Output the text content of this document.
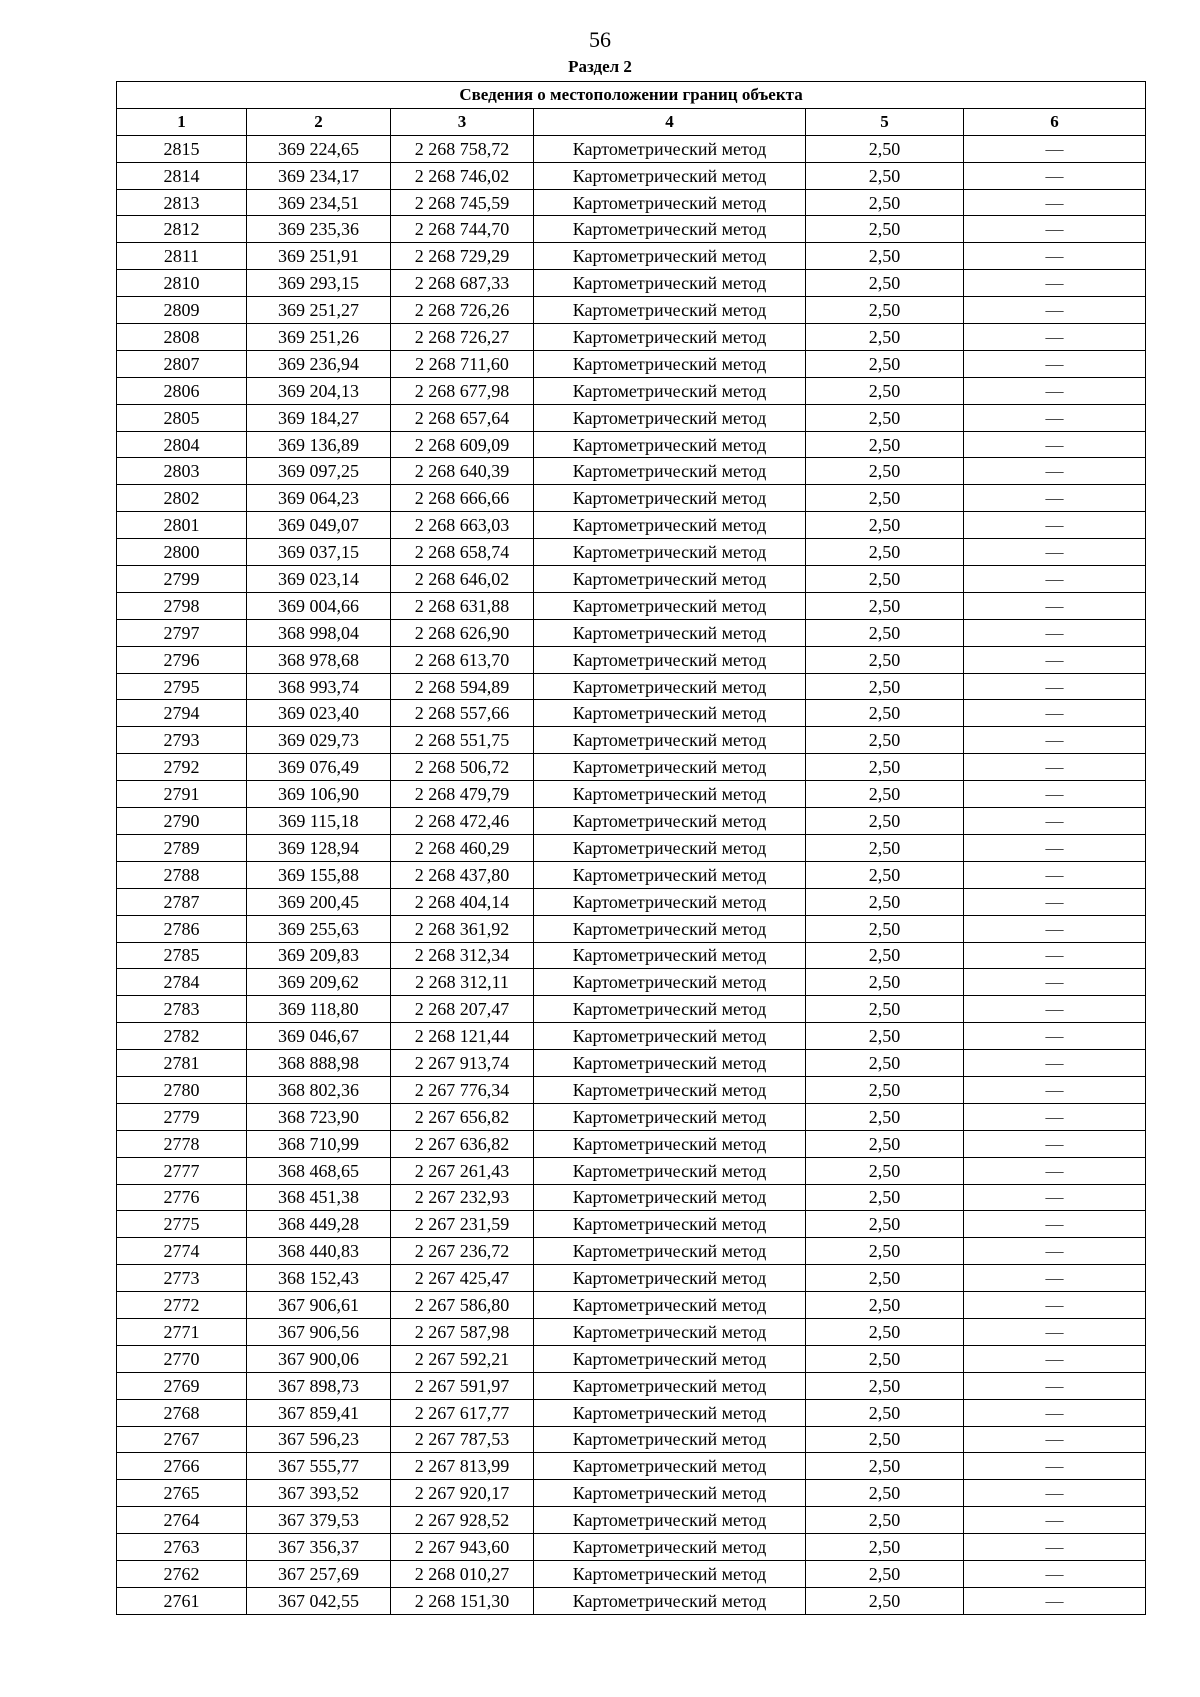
56
Раздел 2
Сведения о местоположении границ объекта					
1	2	3	4	5	6
2815	369 224,65	2 268 758,72	Картометрический метод	2,50	—
2814	369 234,17	2 268 746,02	Картометрический метод	2,50	—
2813	369 234,51	2 268 745,59	Картометрический метод	2,50	—
2812	369 235,36	2 268 744,70	Картометрический метод	2,50	—
2811	369 251,91	2 268 729,29	Картометрический метод	2,50	—
2810	369 293,15	2 268 687,33	Картометрический метод	2,50	—
2809	369 251,27	2 268 726,26	Картометрический метод	2,50	—
2808	369 251,26	2 268 726,27	Картометрический метод	2,50	—
2807	369 236,94	2 268 711,60	Картометрический метод	2,50	—
2806	369 204,13	2 268 677,98	Картометрический метод	2,50	—
2805	369 184,27	2 268 657,64	Картометрический метод	2,50	—
2804	369 136,89	2 268 609,09	Картометрический метод	2,50	—
2803	369 097,25	2 268 640,39	Картометрический метод	2,50	—
2802	369 064,23	2 268 666,66	Картометрический метод	2,50	—
2801	369 049,07	2 268 663,03	Картометрический метод	2,50	—
2800	369 037,15	2 268 658,74	Картометрический метод	2,50	—
2799	369 023,14	2 268 646,02	Картометрический метод	2,50	—
2798	369 004,66	2 268 631,88	Картометрический метод	2,50	—
2797	368 998,04	2 268 626,90	Картометрический метод	2,50	—
2796	368 978,68	2 268 613,70	Картометрический метод	2,50	—
2795	368 993,74	2 268 594,89	Картометрический метод	2,50	—
2794	369 023,40	2 268 557,66	Картометрический метод	2,50	—
2793	369 029,73	2 268 551,75	Картометрический метод	2,50	—
2792	369 076,49	2 268 506,72	Картометрический метод	2,50	—
2791	369 106,90	2 268 479,79	Картометрический метод	2,50	—
2790	369 115,18	2 268 472,46	Картометрический метод	2,50	—
2789	369 128,94	2 268 460,29	Картометрический метод	2,50	—
2788	369 155,88	2 268 437,80	Картометрический метод	2,50	—
2787	369 200,45	2 268 404,14	Картометрический метод	2,50	—
2786	369 255,63	2 268 361,92	Картометрический метод	2,50	—
2785	369 209,83	2 268 312,34	Картометрический метод	2,50	—
2784	369 209,62	2 268 312,11	Картометрический метод	2,50	—
2783	369 118,80	2 268 207,47	Картометрический метод	2,50	—
2782	369 046,67	2 268 121,44	Картометрический метод	2,50	—
2781	368 888,98	2 267 913,74	Картометрический метод	2,50	—
2780	368 802,36	2 267 776,34	Картометрический метод	2,50	—
2779	368 723,90	2 267 656,82	Картометрический метод	2,50	—
2778	368 710,99	2 267 636,82	Картометрический метод	2,50	—
2777	368 468,65	2 267 261,43	Картометрический метод	2,50	—
2776	368 451,38	2 267 232,93	Картометрический метод	2,50	—
2775	368 449,28	2 267 231,59	Картометрический метод	2,50	—
2774	368 440,83	2 267 236,72	Картометрический метод	2,50	—
2773	368 152,43	2 267 425,47	Картометрический метод	2,50	—
2772	367 906,61	2 267 586,80	Картометрический метод	2,50	—
2771	367 906,56	2 267 587,98	Картометрический метод	2,50	—
2770	367 900,06	2 267 592,21	Картометрический метод	2,50	—
2769	367 898,73	2 267 591,97	Картометрический метод	2,50	—
2768	367 859,41	2 267 617,77	Картометрический метод	2,50	—
2767	367 596,23	2 267 787,53	Картометрический метод	2,50	—
2766	367 555,77	2 267 813,99	Картометрический метод	2,50	—
2765	367 393,52	2 267 920,17	Картометрический метод	2,50	—
2764	367 379,53	2 267 928,52	Картометрический метод	2,50	—
2763	367 356,37	2 267 943,60	Картометрический метод	2,50	—
2762	367 257,69	2 268 010,27	Картометрический метод	2,50	—
2761	367 042,55	2 268 151,30	Картометрический метод	2,50	—
